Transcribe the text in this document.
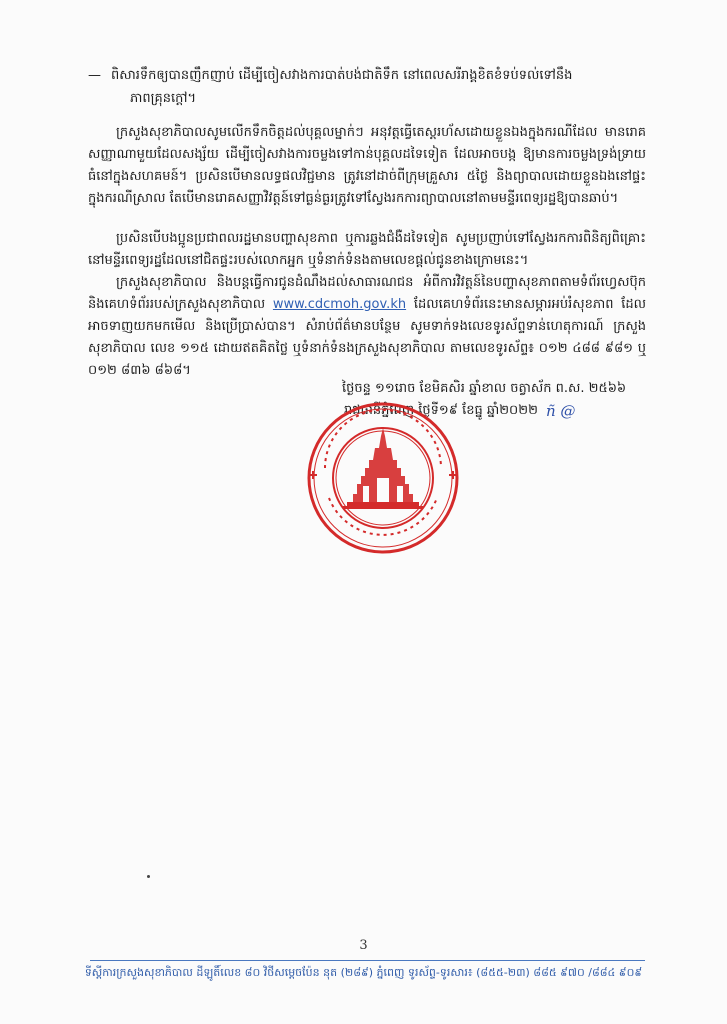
— ពិសារទឹកឲ្យបានញឹកញាប់ ដើម្បីចៀសវាងការបាត់បង់ជាតិទឹក នៅពេលសរីរាង្គខិតខំទប់ទល់ទៅនឹង
ភាពគ្រុនក្តៅ។
ក្រសួងសុខាភិបាលសូមលើកទឹកចិត្តដល់បុគ្គលម្នាក់ៗ អនុវត្តធ្វើតេស្តរហ័សដោយខ្លួនឯងក្នុងករណីដែល មានរោគសញ្ញាណាមួយដែលសង្ស័យ ដើម្បីចៀសវាងការចម្លងទៅកាន់បុគ្គលដទៃទៀត ដែលអាចបង្ក ឱ្យមានការចម្លងទ្រង់ទ្រាយធំនៅក្នុងសហគមន៍។ ប្រសិនបើមានលទ្ធផលវិជ្ជមាន ត្រូវនៅដាច់ពីក្រុមគ្រួសារ ៥ថ្ងៃ និងព្យាបាលដោយខ្លួនឯងនៅផ្ទះក្នុងករណីស្រាល តែបើមានរោគសញ្ញាវិវត្តន៍ទៅធ្ងន់ធ្ងរត្រូវទៅស្វែងរកការព្យាបាលនៅតាមមន្ទីរពេទ្យរដ្ឋឱ្យបានឆាប់។
ប្រសិនបើបងប្អូនប្រជាពលរដ្ឋមានបញ្ហាសុខភាព ឬការឆ្លងជំងឺដទៃទៀត សូមប្រញាប់ទៅស្វែងរកការពិនិត្យពិគ្រោះនៅមន្ទីរពេទ្យរដ្ឋដែលនៅជិតផ្ទះរបស់លោកអ្នក ឬទំនាក់ទំនងតាមលេខផ្តល់ជូនខាងក្រោមនេះ។
ក្រសួងសុខាភិបាល និងបន្តធ្វើការជូនដំណឹងដល់សាធារណជន អំពីការវិវត្តន៍នៃបញ្ហាសុខភាពតាមទំព័រហ្វេសប៊ុក និងគេហទំព័ររបស់ក្រសួងសុខាភិបាល www.cdcmoh.gov.kh ដែលគេហទំព័រនេះមានសម្ភារអប់រំសុខភាព ដែលអាចទាញយកមកមើល និងប្រើប្រាស់បាន។ សំរាប់ព័ត៌មានបន្ថែម សូមទាក់ទងលេខទូរស័ព្ទទាន់ហេតុការណ៍ ក្រសួងសុខាភិបាល លេខ ១១៥ ដោយឥតគិតថ្លៃ ឬទំនាក់ទំនងក្រសួងសុខាភិបាល តាមលេខទូរស័ព្ទ៖ ០១២ ៤៨៨ ៩៨១ ឬ ០១២ ៨៣៦ ៨៦៨។
ថ្ងៃចន្ទ ១១រោច ខែមិគសិរ ឆ្នាំខាល ចត្វាស័ក ព.ស. ២៥៦៦
រាជធានីភ្នំពេញ ថ្ងៃទី១៩ ខែធ្នូ ឆ្នាំ២០២២ ñ @
3
ទីស្តីការក្រសួងសុខាភិបាល ដីឡូតិ៍លេខ ៨០ វិថីសម្តេចប៉ែន នុត (២៨៩) ភ្នំពេញ ទូរស័ព្ទ-ទូរសារ៖ (៨៥៥-២៣) ៨៨៥ ៩៧០ /៨៨៤ ៩០៩
